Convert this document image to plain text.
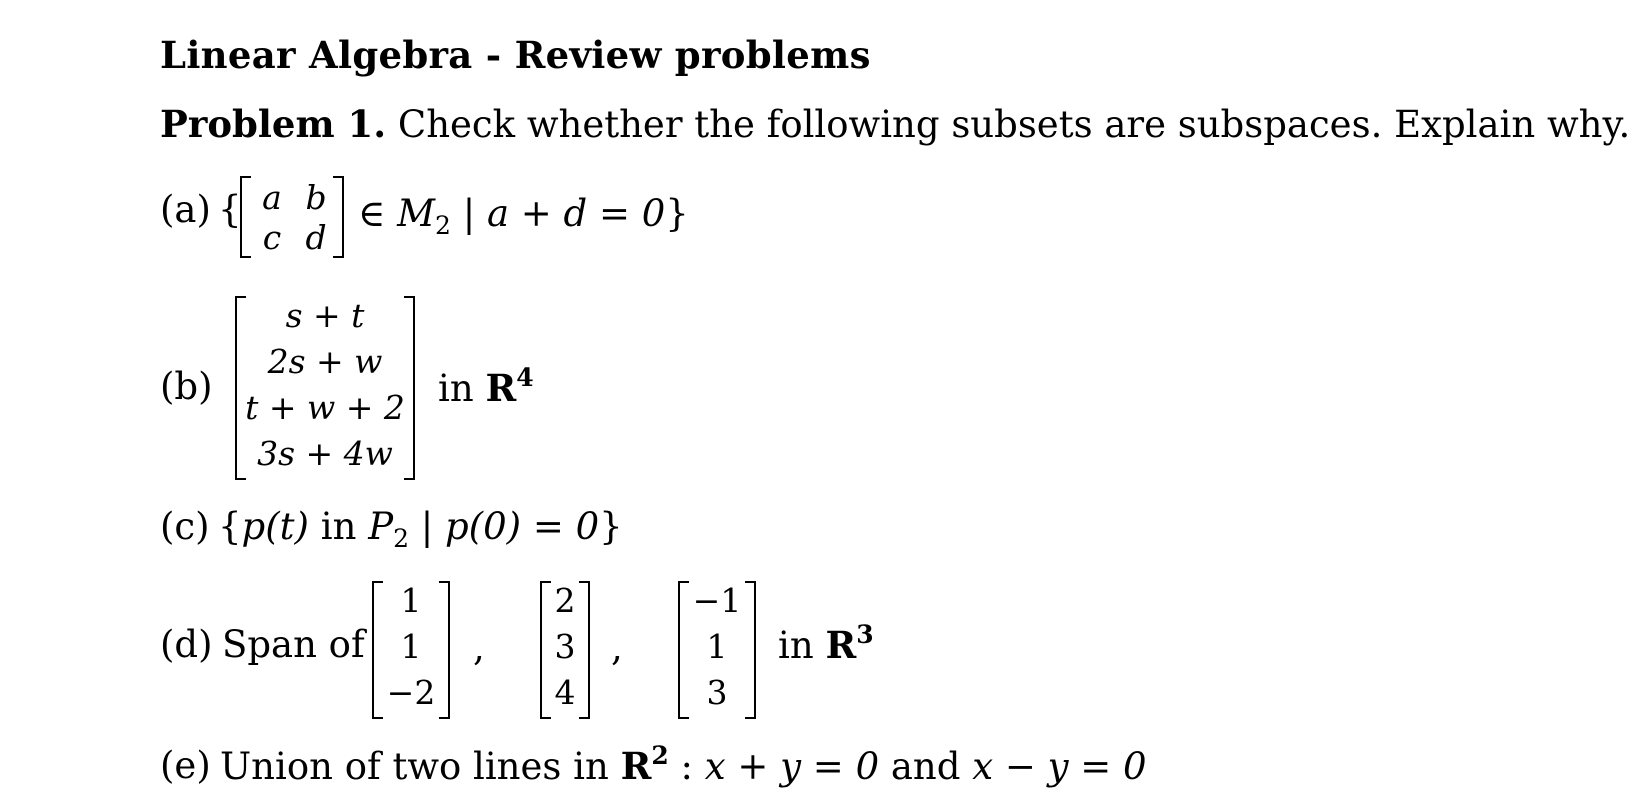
Linear Algebra - Review problems
Problem 1. Check whether the following subsets are subspaces. Explain why.
(a) { a b
c d
∈ $M_2$ | a + d = 0}
(b)
s + t
2s + w
t + w + 2
3s + 4w
in $R^4$
(c) {p(t) in $P_2$ | p(0) = 0}
(d) Span of
1
1
−2
,
2
3
4
,
−1
1
3
in $R^3$
(e) Union of two lines in $R^2$ : x + y = 0 and x − y = 0
